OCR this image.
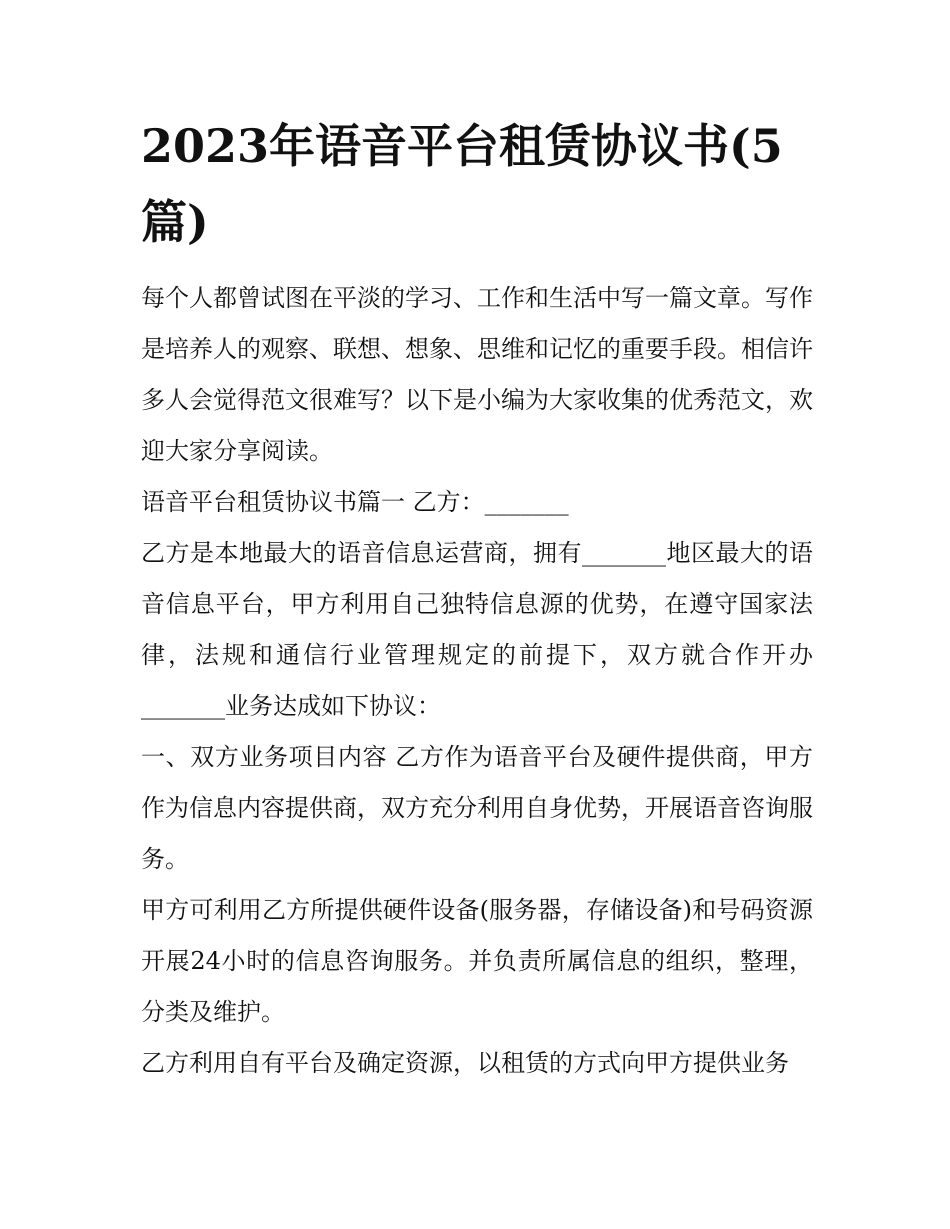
2023年语音平台租赁协议书(5篇)

每个人都曾试图在平淡的学习、工作和生活中写一篇文章。写作是培养人的观察、联想、想象、思维和记忆的重要手段。相信许多人会觉得范文很难写？以下是小编为大家收集的优秀范文，欢迎大家分享阅读。

语音平台租赁协议书篇一 乙方：_______

乙方是本地最大的语音信息运营商，拥有_______地区最大的语音信息平台，甲方利用自己独特信息源的优势，在遵守国家法律，法规和通信行业管理规定的前提下，双方就合作开办_______业务达成如下协议：

一、双方业务项目内容 乙方作为语音平台及硬件提供商，甲方作为信息内容提供商，双方充分利用自身优势，开展语音咨询服务。

甲方可利用乙方所提供硬件设备(服务器，存储设备)和号码资源开展24小时的信息咨询服务。并负责所属信息的组织，整理，分类及维护。

乙方利用自有平台及确定资源，以租赁的方式向甲方提供业务
